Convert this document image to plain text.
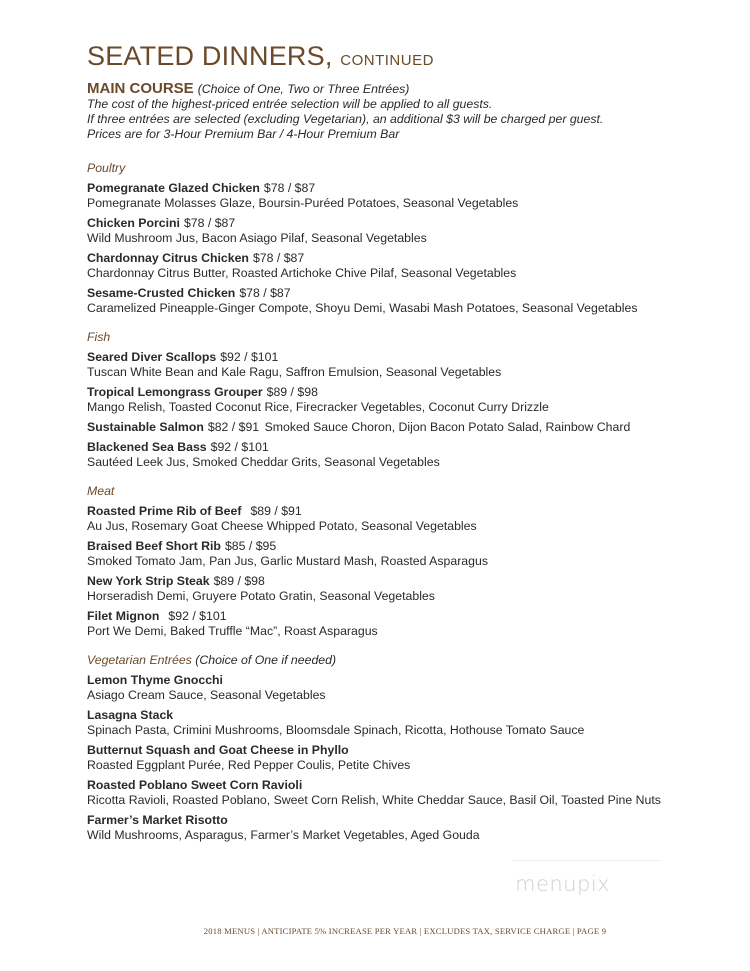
SEATED DINNERS, CONTINUED
MAIN COURSE (Choice of One, Two or Three Entrées)
The cost of the highest-priced entrée selection will be applied to all guests.
If three entrées are selected (excluding Vegetarian), an additional $3 will be charged per guest.
Prices are for 3-Hour Premium Bar / 4-Hour Premium Bar
Poultry
Pomegranate Glazed Chicken $78 / $87
Pomegranate Molasses Glaze, Boursin-Puréed Potatoes, Seasonal Vegetables
Chicken Porcini $78 / $87
Wild Mushroom Jus, Bacon Asiago Pilaf, Seasonal Vegetables
Chardonnay Citrus Chicken $78 / $87
Chardonnay Citrus Butter, Roasted Artichoke Chive Pilaf, Seasonal Vegetables
Sesame-Crusted Chicken $78 / $87
Caramelized Pineapple-Ginger Compote, Shoyu Demi, Wasabi Mash Potatoes, Seasonal Vegetables
Fish
Seared Diver Scallops $92 / $101
Tuscan White Bean and Kale Ragu, Saffron Emulsion, Seasonal Vegetables
Tropical Lemongrass Grouper $89 / $98
Mango Relish, Toasted Coconut Rice, Firecracker Vegetables, Coconut Curry Drizzle
Sustainable Salmon $82 / $91 Smoked Sauce Choron, Dijon Bacon Potato Salad, Rainbow Chard
Blackened Sea Bass $92 / $101
Sautéed Leek Jus, Smoked Cheddar Grits, Seasonal Vegetables
Meat
Roasted Prime Rib of Beef $89 / $91
Au Jus, Rosemary Goat Cheese Whipped Potato, Seasonal Vegetables
Braised Beef Short Rib $85 / $95
Smoked Tomato Jam, Pan Jus, Garlic Mustard Mash, Roasted Asparagus
New York Strip Steak $89 / $98
Horseradish Demi, Gruyere Potato Gratin, Seasonal Vegetables
Filet Mignon $92 / $101
Port We Demi, Baked Truffle “Mac”, Roast Asparagus
Vegetarian Entrées (Choice of One if needed)
Lemon Thyme Gnocchi
Asiago Cream Sauce, Seasonal Vegetables
Lasagna Stack
Spinach Pasta, Crimini Mushrooms, Bloomsdale Spinach, Ricotta, Hothouse Tomato Sauce
Butternut Squash and Goat Cheese in Phyllo
Roasted Eggplant Purée, Red Pepper Coulis, Petite Chives
Roasted Poblano Sweet Corn Ravioli
Ricotta Ravioli, Roasted Poblano, Sweet Corn Relish, White Cheddar Sauce, Basil Oil, Toasted Pine Nuts
Farmer’s Market Risotto
Wild Mushrooms, Asparagus, Farmer’s Market Vegetables, Aged Gouda
menupix
2018 MENUS | ANTICIPATE 5% INCREASE PER YEAR | EXCLUDES TAX, SERVICE CHARGE | PAGE 9
